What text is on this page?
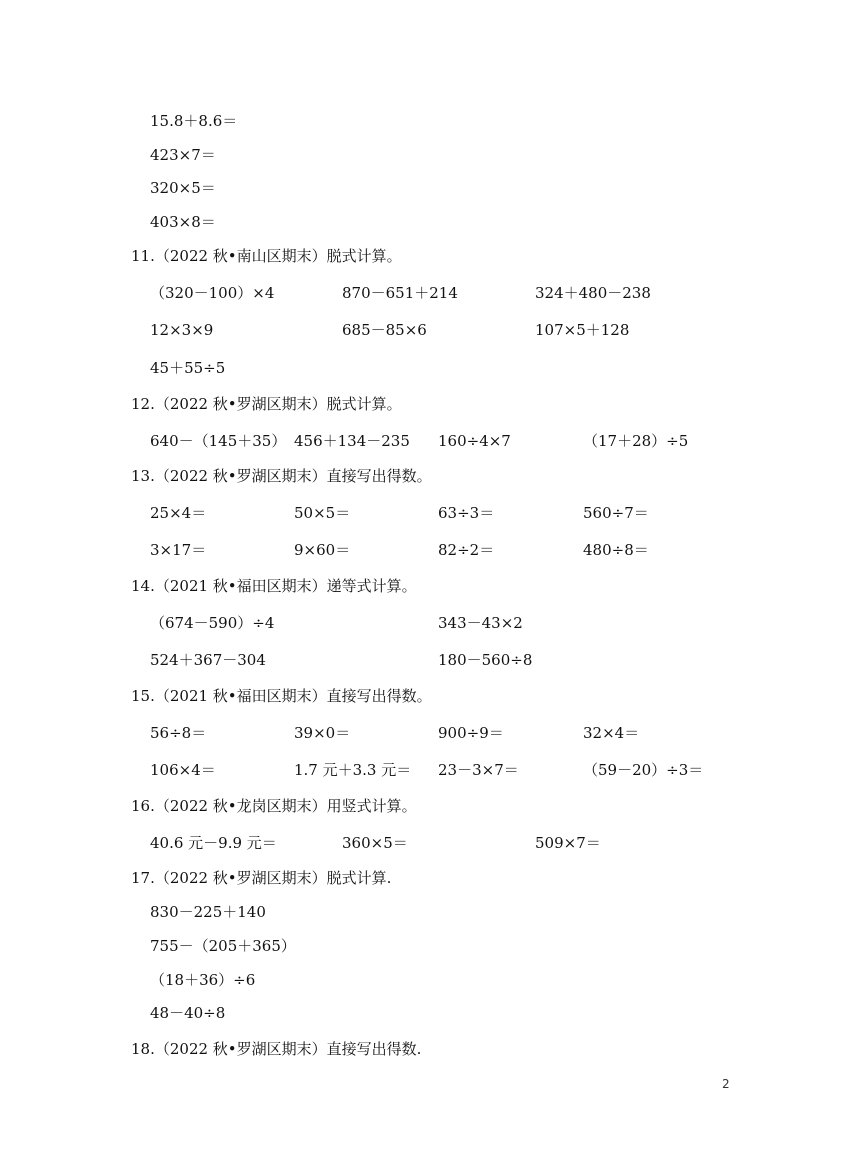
15.8＋8.6＝
423×7＝
320×5＝
403×8＝
11.（2022 秋•南山区期末）脱式计算。
（320－100）×4	870－651＋214	324＋480－238
12×3×9	685－85×6	107×5＋128
45＋55÷5
12.（2022 秋•罗湖区期末）脱式计算。
640－（145＋35） 456＋134－235 160÷4×7	（17＋28）÷5
13.（2022 秋•罗湖区期末）直接写出得数。
25×4＝	50×5＝	63÷3＝	560÷7＝
3×17＝	9×60＝	82÷2＝	480÷8＝
14.（2021 秋•福田区期末）递等式计算。
（674－590）÷4	343－43×2
524＋367－304	180－560÷8
15.（2021 秋•福田区期末）直接写出得数。
56÷8＝	39×0＝	900÷9＝	32×4＝
106×4＝	1.7 元＋3.3 元＝ 23－3×7＝	（59－20）÷3＝
16.（2022 秋•龙岗区期末）用竖式计算。
40.6 元－9.9 元＝	360×5＝	509×7＝
17.（2022 秋•罗湖区期末）脱式计算.
830－225＋140
755－（205＋365）
（18＋36）÷6
48－40÷8
18.（2022 秋•罗湖区期末）直接写出得数.
2
